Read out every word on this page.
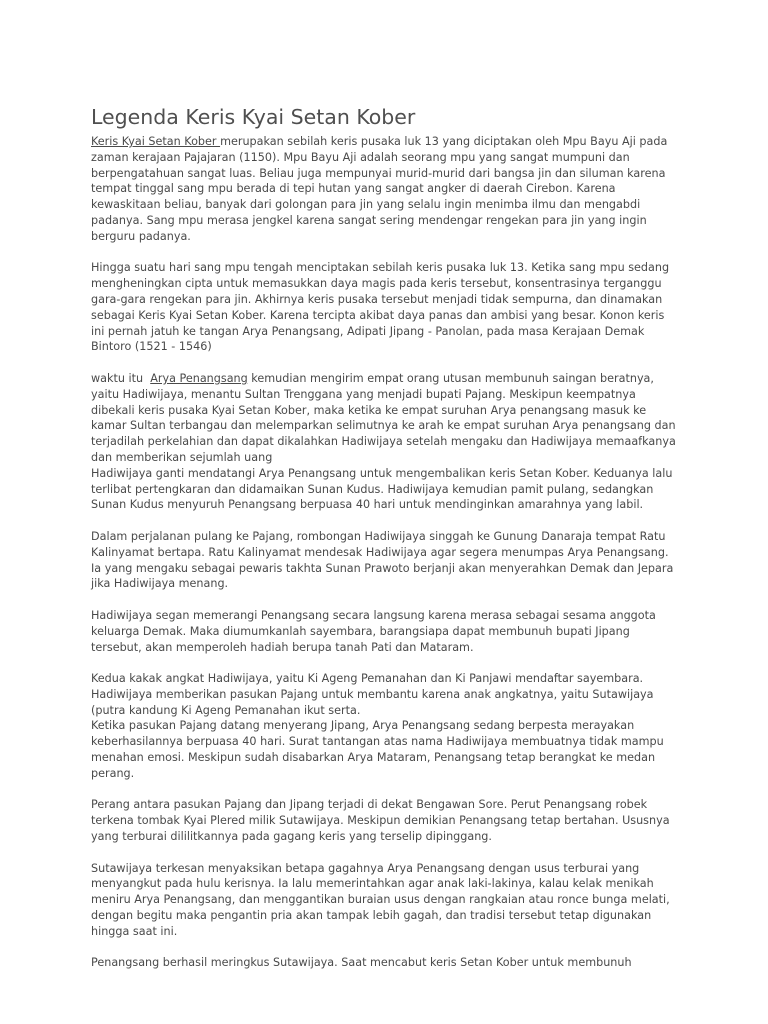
Legenda Keris Kyai Setan Kober

Keris Kyai Setan Kober merupakan sebilah keris pusaka luk 13 yang diciptakan oleh Mpu Bayu Aji pada zaman kerajaan Pajajaran (1150). Mpu Bayu Aji adalah seorang mpu yang sangat mumpuni dan berpengatahuan sangat luas. Beliau juga mempunyai murid-murid dari bangsa jin dan siluman karena tempat tinggal sang mpu berada di tepi hutan yang sangat angker di daerah Cirebon. Karena kewaskitaan beliau, banyak dari golongan para jin yang selalu ingin menimba ilmu dan mengabdi padanya. Sang mpu merasa jengkel karena sangat sering mendengar rengekan para jin yang ingin berguru padanya.

Hingga suatu hari sang mpu tengah menciptakan sebilah keris pusaka luk 13. Ketika sang mpu sedang mengheningkan cipta untuk memasukkan daya magis pada keris tersebut, konsentrasinya terganggu gara-gara rengekan para jin. Akhirnya keris pusaka tersebut menjadi tidak sempurna, dan dinamakan sebagai Keris Kyai Setan Kober. Karena tercipta akibat daya panas dan ambisi yang besar. Konon keris ini pernah jatuh ke tangan Arya Penangsang, Adipati Jipang - Panolan, pada masa Kerajaan Demak Bintoro (1521 - 1546)

waktu itu  Arya Penangsang kemudian mengirim empat orang utusan membunuh saingan beratnya, yaitu Hadiwijaya, menantu Sultan Trenggana yang menjadi bupati Pajang. Meskipun keempatnya dibekali keris pusaka Kyai Setan Kober, maka ketika ke empat suruhan Arya penangsang masuk ke kamar Sultan terbangau dan melemparkan selimutnya ke arah ke empat suruhan Arya penangsang dan terjadilah perkelahian dan dapat dikalahkan Hadiwijaya setelah mengaku dan Hadiwijaya memaafkanya dan memberikan sejumlah uang

Hadiwijaya ganti mendatangi Arya Penangsang untuk mengembalikan keris Setan Kober. Keduanya lalu terlibat pertengkaran dan didamaikan Sunan Kudus. Hadiwijaya kemudian pamit pulang, sedangkan Sunan Kudus menyuruh Penangsang berpuasa 40 hari untuk mendinginkan amarahnya yang labil.

Dalam perjalanan pulang ke Pajang, rombongan Hadiwijaya singgah ke Gunung Danaraja tempat Ratu Kalinyamat bertapa. Ratu Kalinyamat mendesak Hadiwijaya agar segera menumpas Arya Penangsang. Ia yang mengaku sebagai pewaris takhta Sunan Prawoto berjanji akan menyerahkan Demak dan Jepara jika Hadiwijaya menang.

Hadiwijaya segan memerangi Penangsang secara langsung karena merasa sebagai sesama anggota keluarga Demak. Maka diumumkanlah sayembara, barangsiapa dapat membunuh bupati Jipang tersebut, akan memperoleh hadiah berupa tanah Pati dan Mataram.

Kedua kakak angkat Hadiwijaya, yaitu Ki Ageng Pemanahan dan Ki Panjawi mendaftar sayembara. Hadiwijaya memberikan pasukan Pajang untuk membantu karena anak angkatnya, yaitu Sutawijaya (putra kandung Ki Ageng Pemanahan ikut serta.

Ketika pasukan Pajang datang menyerang Jipang, Arya Penangsang sedang berpesta merayakan keberhasilannya berpuasa 40 hari. Surat tantangan atas nama Hadiwijaya membuatnya tidak mampu menahan emosi. Meskipun sudah disabarkan Arya Mataram, Penangsang tetap berangkat ke medan perang.

Perang antara pasukan Pajang dan Jipang terjadi di dekat Bengawan Sore. Perut Penangsang robek terkena tombak Kyai Plered milik Sutawijaya. Meskipun demikian Penangsang tetap bertahan. Ususnya yang terburai dililitkannya pada gagang keris yang terselip dipinggang.

Sutawijaya terkesan menyaksikan betapa gagahnya Arya Penangsang dengan usus terburai yang menyangkut pada hulu kerisnya. Ia lalu memerintahkan agar anak laki-lakinya, kalau kelak menikah meniru Arya Penangsang, dan menggantikan buraian usus dengan rangkaian atau ronce bunga melati, dengan begitu maka pengantin pria akan tampak lebih gagah, dan tradisi tersebut tetap digunakan hingga saat ini.

Penangsang berhasil meringkus Sutawijaya. Saat mencabut keris Setan Kober untuk membunuh
